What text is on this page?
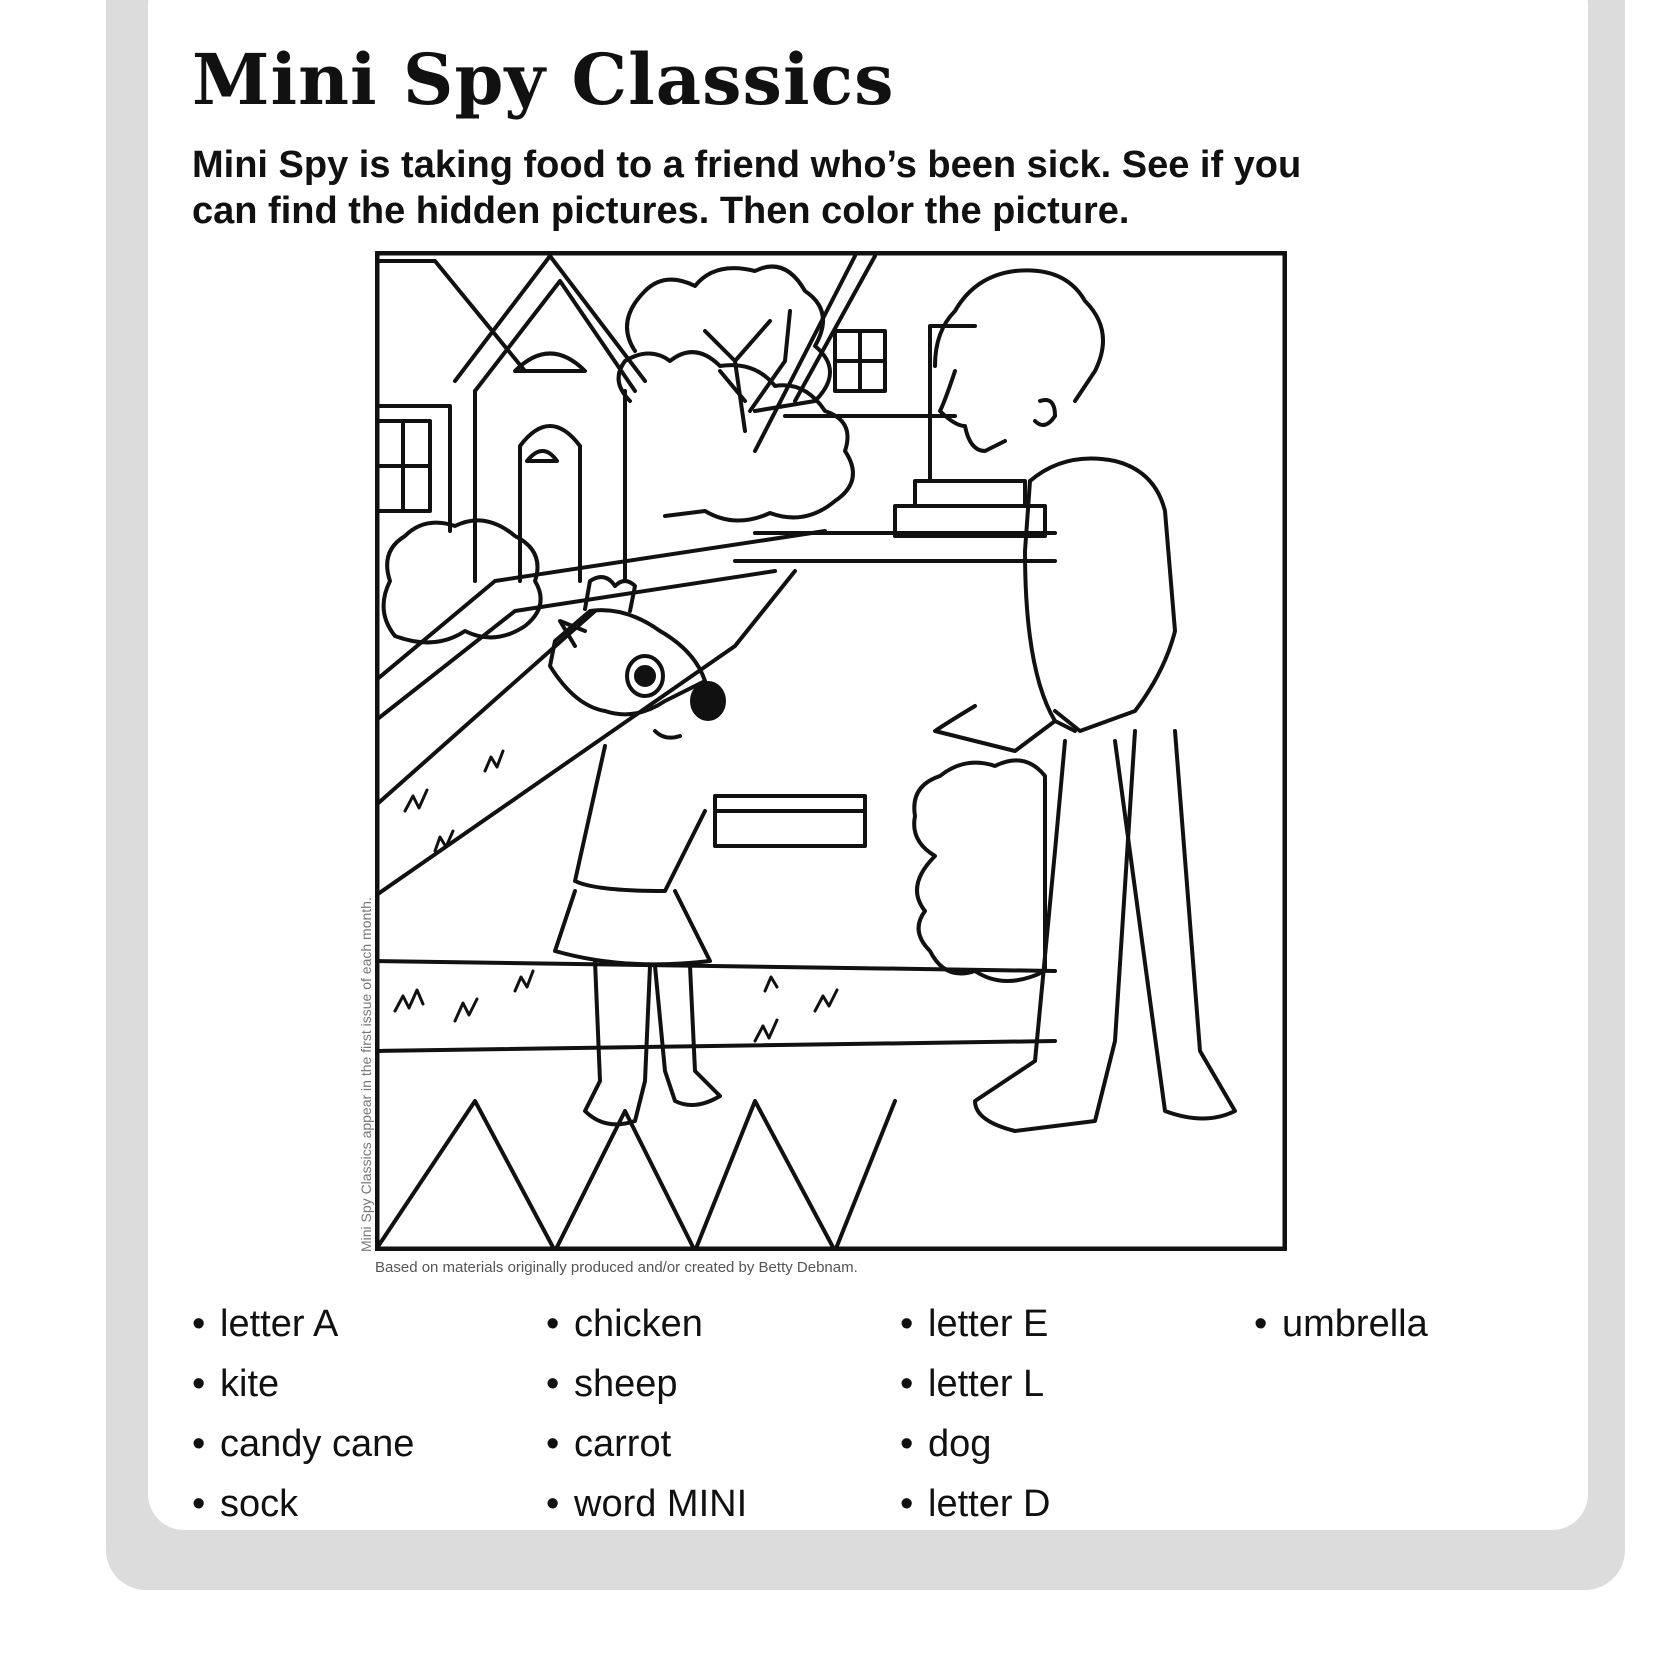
Mini Spy Classics

Mini Spy is taking food to a friend who’s been sick. See if you can find the hidden pictures. Then color the picture.

Mini Spy Classics appear in the first issue of each month.
Based on materials originally produced and/or created by Betty Debnam.
• letter A
• kite
• candy cane
• sock
• chicken
• sheep
• carrot
• word MINI
• letter E
• letter L
• dog
• letter D
• umbrella
